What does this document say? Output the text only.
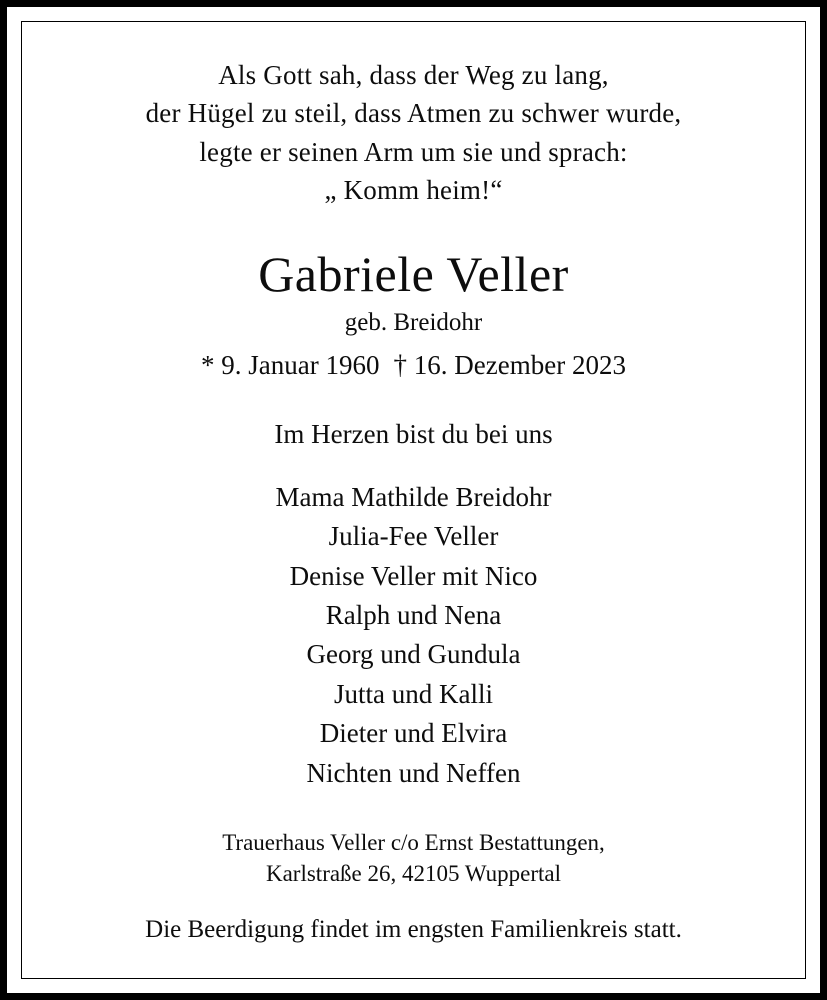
Als Gott sah, dass der Weg zu lang,
der Hügel zu steil, dass Atmen zu schwer wurde,
legte er seinen Arm um sie und sprach:
„ Komm heim!“
Gabriele Veller
geb. Breidohr
* 9. Januar 1960 † 16. Dezember 2023
Im Herzen bist du bei uns
Mama Mathilde Breidohr
Julia-Fee Veller
Denise Veller mit Nico
Ralph und Nena
Georg und Gundula
Jutta und Kalli
Dieter und Elvira
Nichten und Neffen
Trauerhaus Veller c/o Ernst Bestattungen,
Karlstraße 26, 42105 Wuppertal
Die Beerdigung findet im engsten Familienkreis statt.
